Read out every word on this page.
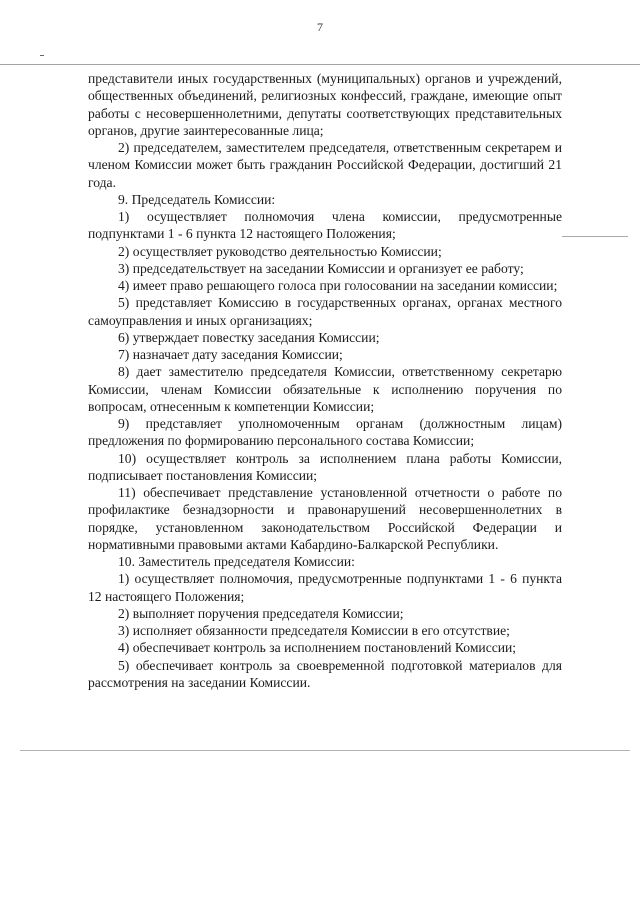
7

представители иных государственных (муниципальных) органов и учреждений, общественных объединений, религиозных конфессий, граждане, имеющие опыт работы с несовершеннолетними, депутаты соответствующих представительных органов, другие заинтересованные лица;

2) председателем, заместителем председателя, ответственным секретарем и членом Комиссии может быть гражданин Российской Федерации, достигший 21 года.

9. Председатель Комиссии:

1) осуществляет полномочия члена комиссии, предусмотренные подпунктами 1 - 6 пункта 12 настоящего Положения;

2) осуществляет руководство деятельностью Комиссии;

3) председательствует на заседании Комиссии и организует ее работу;

4) имеет право решающего голоса при голосовании на заседании комиссии;

5) представляет Комиссию в государственных органах, органах местного самоуправления и иных организациях;

6) утверждает повестку заседания Комиссии;

7) назначает дату заседания Комиссии;

8) дает заместителю председателя Комиссии, ответственному секретарю Комиссии, членам Комиссии обязательные к исполнению поручения по вопросам, отнесенным к компетенции Комиссии;

9) представляет уполномоченным органам (должностным лицам) предложения по формированию персонального состава Комиссии;

10) осуществляет контроль за исполнением плана работы Комиссии, подписывает постановления Комиссии;

11) обеспечивает представление установленной отчетности о работе по профилактике безнадзорности и правонарушений несовершеннолетних в порядке, установленном законодательством Российской Федерации и нормативными правовыми актами Кабардино-Балкарской Республики.

10. Заместитель председателя Комиссии:

1) осуществляет полномочия, предусмотренные подпунктами 1 - 6 пункта 12 настоящего Положения;

2) выполняет поручения председателя Комиссии;

3) исполняет обязанности председателя Комиссии в его отсутствие;

4) обеспечивает контроль за исполнением постановлений Комиссии;

5) обеспечивает контроль за своевременной подготовкой материалов для рассмотрения на заседании Комиссии.
